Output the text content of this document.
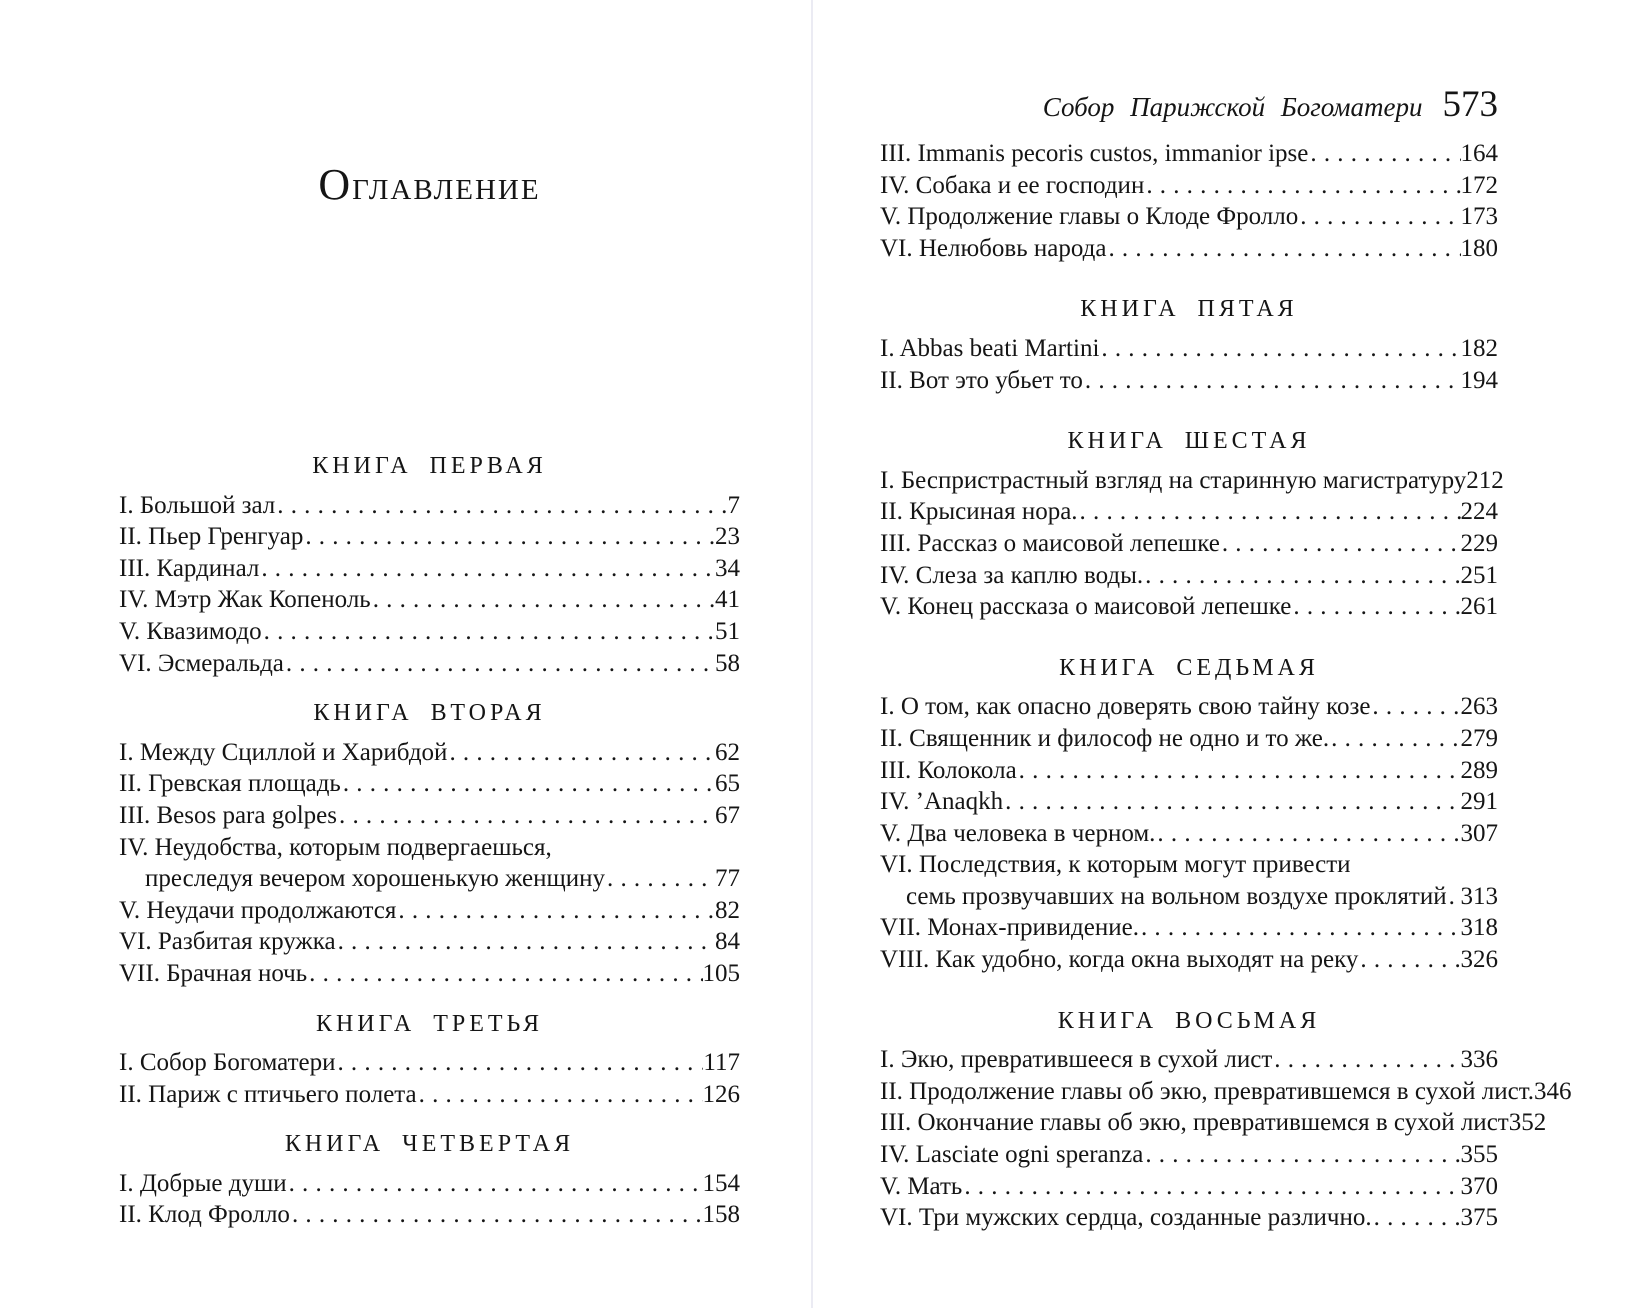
ОГЛАВЛЕНИЕ
КНИГА ПЕРВАЯ
I. Большой зал .....	7
II. Пьер Гренгуар .....	23
III. Кардинал .....	34
IV. Мэтр Жак Копеноль .....	41
V. Квазимодо .....	51
VI. Эсмеральда .....	58
КНИГА ВТОРАЯ
I. Между Сциллой и Харибдой .....	62
II. Гревская площадь .....	65
III. Besos para golpes .....	67
IV. Неудобства, которым подвергаешься,
преследуя вечером хорошенькую женщину .....	77
V. Неудачи продолжаются .....	82
VI. Разбитая кружка .....	84
VII. Брачная ночь .....	105
КНИГА ТРЕТЬЯ
I. Собор Богоматери .....	117
II. Париж с птичьего полета .....	126
КНИГА ЧЕТВЕРТАЯ
I. Добрые души .....	154
II. Клод Фролло .....	158
Собор Парижской Богоматери 573
III. Immanis pecoris custos, immanior ipse .....	164
IV. Собака и ее господин .....	172
V. Продолжение главы о Клоде Фролло .....	173
VI. Нелюбовь народа .....	180
КНИГА ПЯТАЯ
I. Abbas beati Martini .....	182
II. Вот это убьет то .....	194
КНИГА ШЕСТАЯ
I. Беспристрастный взгляд на старинную магистратуру 212
II. Крысиная нора. .....	224
III. Рассказ о маисовой лепешке .....	229
IV. Слеза за каплю воды. .....	251
V. Конец рассказа о маисовой лепешке .....	261
КНИГА СЕДЬМАЯ
I. О том, как опасно доверять свою тайну козе .....	263
II. Священник и философ не одно и то же. .....	279
III. Колокола .....	289
IV. ’Anaqkh .....	291
V. Два человека в черном. .....	307
VI. Последствия, к которым могут привести
семь прозвучавших на вольном воздухе проклятий ..... 313
VII. Монах-привидение. .....	318
VIII. Как удобно, когда окна выходят на реку .....	326
КНИГА ВОСЬМАЯ
I. Экю, превратившееся в сухой лист .....	336
II. Продолжение главы об экю, превратившемся в сухой лист. 346
III. Окончание главы об экю, превратившемся в сухой лист 352
IV. Lasciate ogni speranza .....	355
V. Мать .....	370
VI. Три мужских сердца, созданные различно. .....	375
